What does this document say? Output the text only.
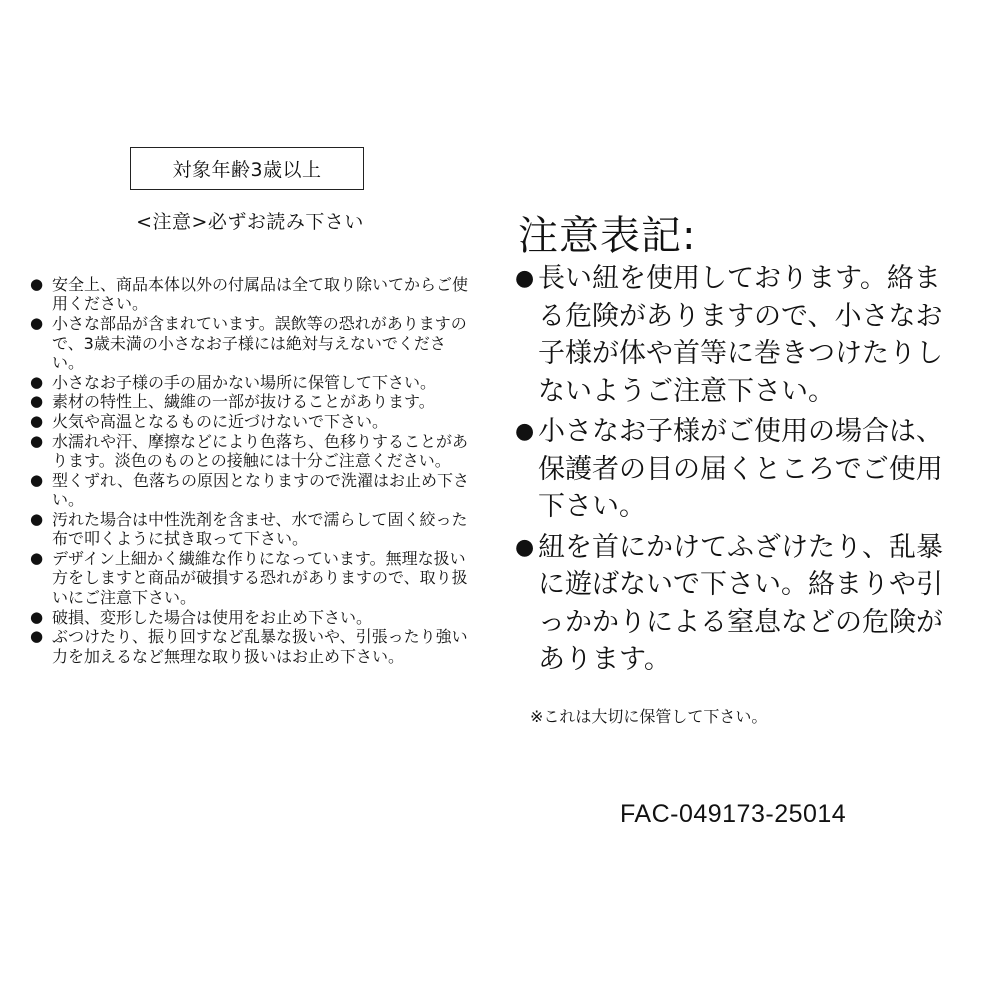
対象年齢3歳以上
<注意>必ずお読み下さい
● 安全上、商品本体以外の付属品は全て取り除いてからご使用ください。
● 小さな部品が含まれています。誤飲等の恐れがありますので、3歳未満の小さなお子様には絶対与えないでください。
● 小さなお子様の手の届かない場所に保管して下さい。
● 素材の特性上、繊維の一部が抜けることがあります。
● 火気や高温となるものに近づけないで下さい。
● 水濡れや汗、摩擦などにより色落ち、色移りすることがあります。淡色のものとの接触には十分ご注意ください。
● 型くずれ、色落ちの原因となりますので洗濯はお止め下さい。
● 汚れた場合は中性洗剤を含ませ、水で濡らして固く絞った布で叩くように拭き取って下さい。
● デザイン上細かく繊維な作りになっています。無理な扱い方をしますと商品が破損する恐れがありますので、取り扱いにご注意下さい。
● 破損、変形した場合は使用をお止め下さい。
● ぶつけたり、振り回すなど乱暴な扱いや、引張ったり強い力を加えるなど無理な取り扱いはお止め下さい。
注意表記:
● 長い紐を使用しております。絡まる危険がありますので、小さなお子様が体や首等に巻きつけたりしないようご注意下さい。
● 小さなお子様がご使用の場合は、保護者の目の届くところでご使用下さい。
● 紐を首にかけてふざけたり、乱暴に遊ばないで下さい。絡まりや引っかかりによる窒息などの危険があります。
※これは大切に保管して下さい。
FAC-049173-25014
